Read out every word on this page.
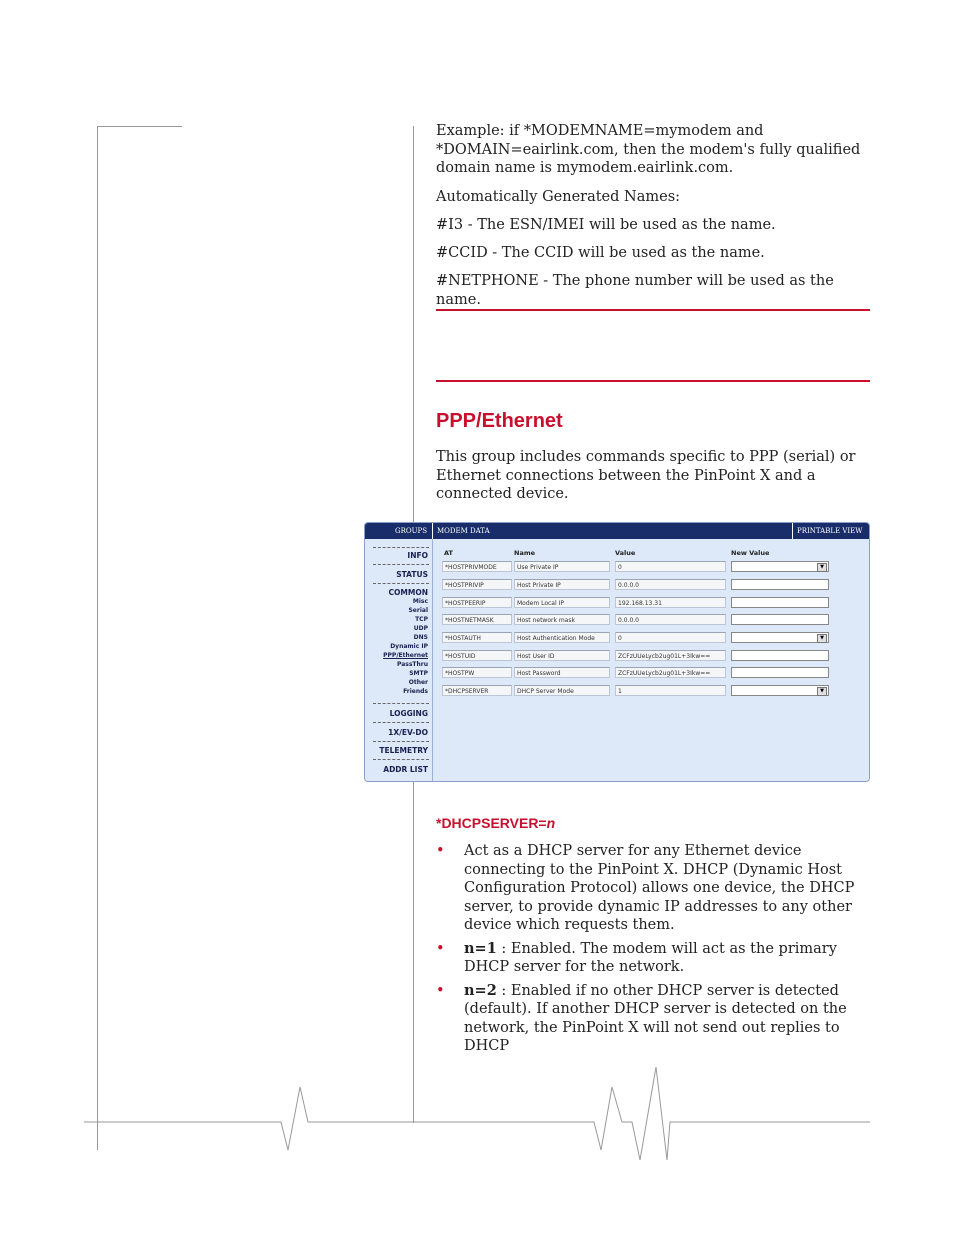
Example: if *MODEMNAME=mymodem and *DOMAIN=eairlink.com, then the modem's fully qualified domain name is mymodem.eairlink.com.

Automatically Generated Names:

#I3 - The ESN/IMEI will be used as the name.

#CCID - The CCID will be used as the name.

#NETPHONE - The phone number will be used as the name.

PPP/Ethernet

This group includes commands specific to PPP (serial) or Ethernet connections between the PinPoint X and a connected device.

GROUPS MODEM DATA	PRINTABLE VIEW
INFO
STATUS
COMMON
Misc
Serial
TCP
UDP
DNS
Dynamic IP
PPP/Ethernet
PassThru
SMTP
Other
Friends
LOGGING
1X/EV-DO
TELEMETRY
ADDR LIST
AT	Name	Value	New Value
*HOSTPRIVMODE	Use Private IP	0	▼
*HOSTPRIVIP	Host Private IP	0.0.0.0
*HOSTPEERIP	Modem Local IP	192.168.13.31
*HOSTNETMASK	Host network mask	0.0.0.0
*HOSTAUTH	Host Authentication Mode	0	▼
*HOSTUID	Host User ID	ZCFzUUeLycb2ug01L+3Ikw==
*HOSTPW	Host Password	ZCFzUUeLycb2ug01L+3Ikw==
*DHCPSERVER	DHCP Server Mode	1	▼
*DHCPSERVER=n
• Act as a DHCP server for any Ethernet device connecting to the PinPoint X. DHCP (Dynamic Host Configuration Protocol) allows one device, the DHCP server, to provide dynamic IP addresses to any other device which requests them.
• n=1 : Enabled. The modem will act as the primary DHCP server for the network.
• n=2 : Enabled if no other DHCP server is detected (default). If another DHCP server is detected on the network, the PinPoint X will not send out replies to DHCP
